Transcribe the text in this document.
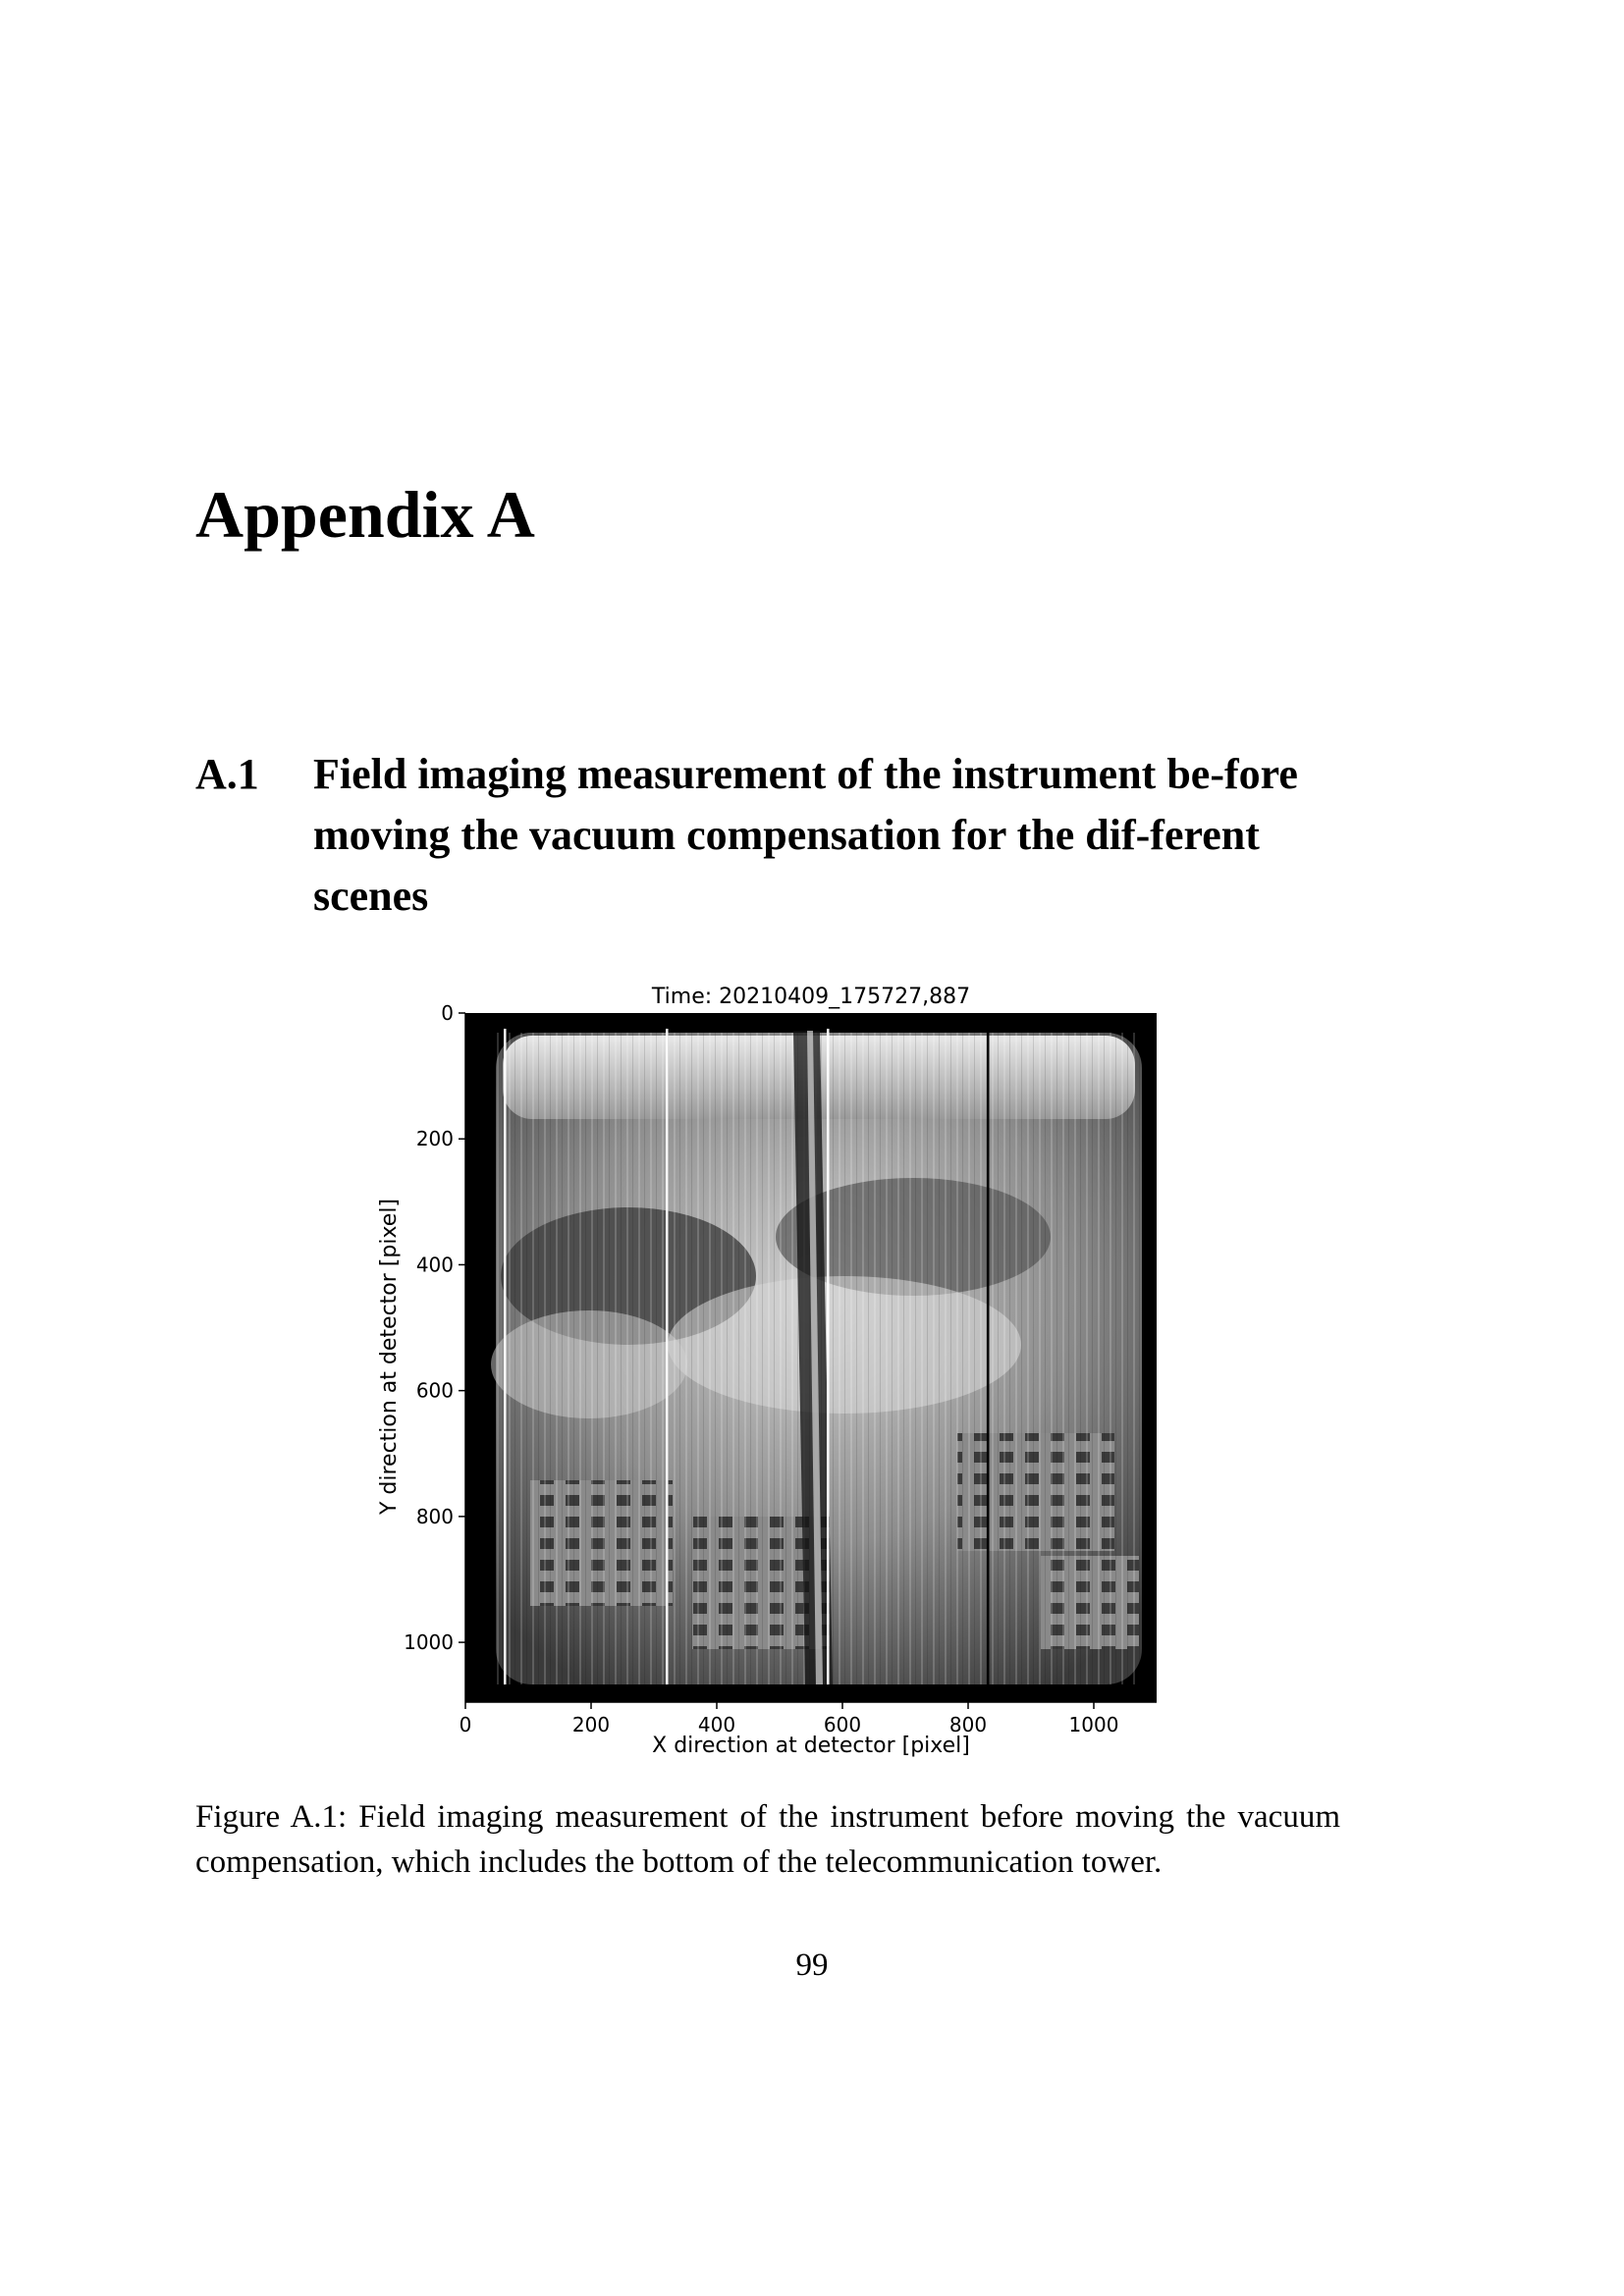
Appendix A
A.1 Field imaging measurement of the instrument be-fore moving the vacuum compensation for the dif-ferent scenes
0	200	400	600	800	1000
0
200
400
600
800
1000
Time: 20210409_175727,887
X direction at detector [pixel]
Y direction at detector [pixel]

Figure A.1: Field imaging measurement of the instrument before moving the vacuum compensation, which includes the bottom of the telecommunication tower.

99
